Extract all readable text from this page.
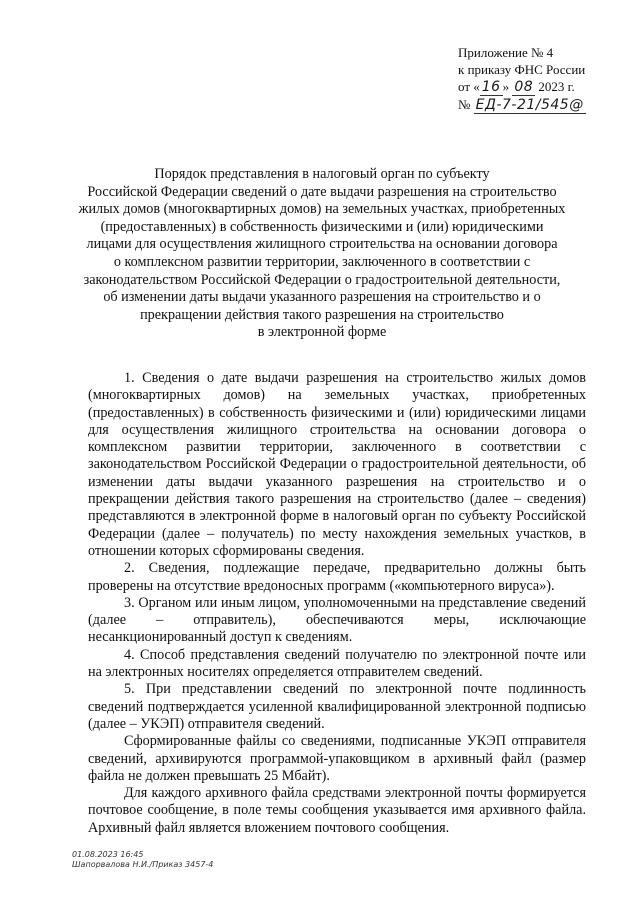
Приложение № 4
к приказу ФНС России
от « 16 » 08 2023 г.
№ ЕД-7-21/545@
Порядок представления в налоговый орган по субъекту
Российской Федерации сведений о дате выдачи разрешения на строительство
жилых домов (многоквартирных домов) на земельных участках, приобретенных
(предоставленных) в собственность физическими и (или) юридическими
лицами для осуществления жилищного строительства на основании договора
о комплексном развитии территории, заключенного в соответствии с
законодательством Российской Федерации о градостроительной деятельности,
об изменении даты выдачи указанного разрешения на строительство и о
прекращении действия такого разрешения на строительство
в электронной форме

1. Сведения о дате выдачи разрешения на строительство жилых домов (многоквартирных домов) на земельных участках, приобретенных (предоставленных) в собственность физическими и (или) юридическими лицами для осуществления жилищного строительства на основании договора о комплексном развитии территории, заключенного в соответствии с законодательством Российской Федерации о градостроительной деятельности, об изменении даты выдачи указанного разрешения на строительство и о прекращении действия такого разрешения на строительство (далее – сведения) представляются в электронной форме в налоговый орган по субъекту Российской Федерации (далее – получатель) по месту нахождения земельных участков, в отношении которых сформированы сведения.

2. Сведения, подлежащие передаче, предварительно должны быть проверены на отсутствие вредоносных программ («компьютерного вируса»).

3. Органом или иным лицом, уполномоченными на представление сведений (далее – отправитель), обеспечиваются меры, исключающие несанкционированный доступ к сведениям.

4. Способ представления сведений получателю по электронной почте или на электронных носителях определяется отправителем сведений.

5. При представлении сведений по электронной почте подлинность сведений подтверждается усиленной квалифицированной электронной подписью (далее – УКЭП) отправителя сведений.

Сформированные файлы со сведениями, подписанные УКЭП отправителя сведений, архивируются программой-упаковщиком в архивный файл (размер файла не должен превышать 25 Мбайт).

Для каждого архивного файла средствами электронной почты формируется почтовое сообщение, в поле темы сообщения указывается имя архивного файла. Архивный файл является вложением почтового сообщения.

01.08.2023 16:45
Шапорвалова Н.И./Приказ 3457-4
